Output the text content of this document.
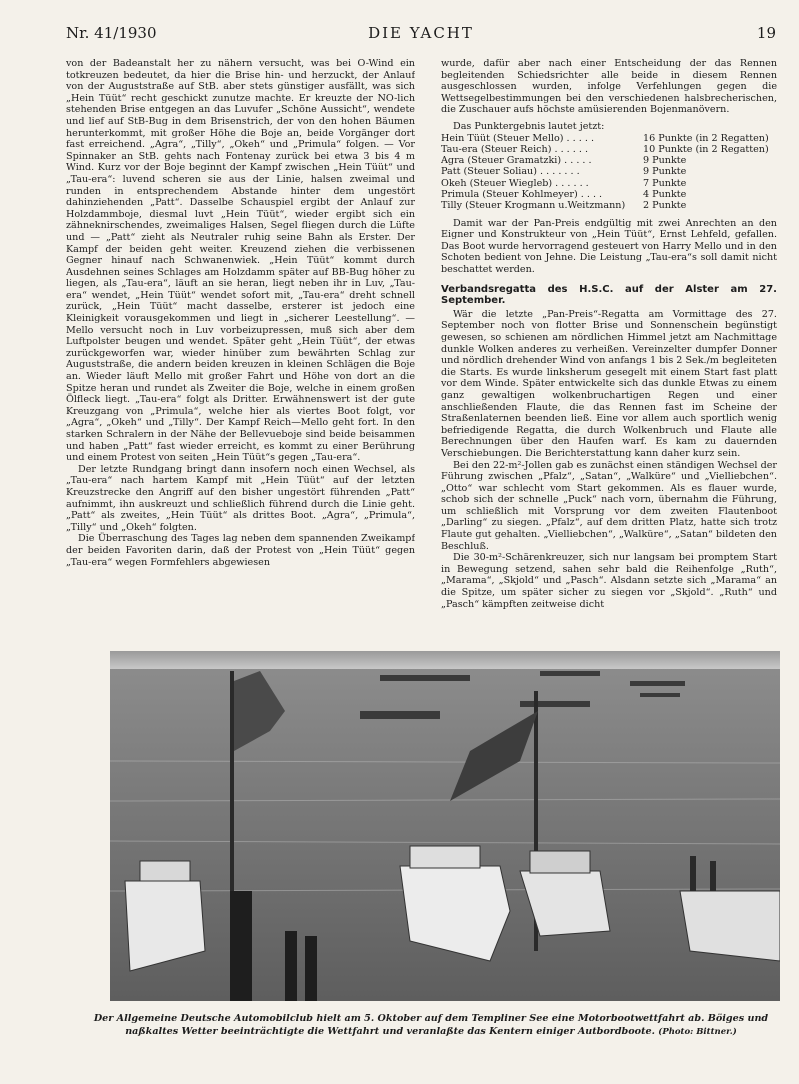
Nr. 41/1930	DIE YACHT	19

von der Badeanstalt her zu nähern versucht, was bei O-Wind ein totkreuzen bedeutet, da hier die Brise hin- und herzuckt, der Anlauf von der Auguststraße auf StB. aber stets günstiger ausfällt, was sich „Hein Tüüt“ recht geschickt zunutze machte. Er kreuzte der NO-lich stehenden Brise entgegen an das Luvufer „Schöne Aussicht“, wendete und lief auf StB-Bug in dem Brisenstrich, der von den hohen Bäumen herunterkommt, mit großer Höhe die Boje an, beide Vorgänger dort fast erreichend. „Agra“, „Tilly“, „Okeh“ und „Primula“ folgen. — Vor Spinnaker an StB. gehts nach Fontenay zurück bei etwa 3 bis 4 m Wind. Kurz vor der Boje beginnt der Kampf zwischen „Hein Tüüt“ und „Tau-era“: luvend scheren sie aus der Linie, halsen zweimal und runden in entsprechendem Abstande hinter dem ungestört dahinziehenden „Patt“. Dasselbe Schauspiel ergibt der Anlauf zur Holzdammboje, diesmal luvt „Hein Tüüt“, wieder ergibt sich ein zähneknirschendes, zweimaliges Halsen, Segel fliegen durch die Lüfte und — „Patt“ zieht als Neutraler ruhig seine Bahn als Erster. Der Kampf der beiden geht weiter. Kreuzend ziehen die verbissenen Gegner hinauf nach Schwanenwiek. „Hein Tüüt“ kommt durch Ausdehnen seines Schlages am Holzdamm später auf BB-Bug höher zu liegen, als „Tau-era“, läuft an sie heran, liegt neben ihr in Luv, „Tau-era“ wendet, „Hein Tüüt“ wendet sofort mit, „Tau-era“ dreht schnell zurück, „Hein Tüüt“ macht dasselbe, ersterer ist jedoch eine Kleinigkeit vorausgekommen und liegt in „sicherer Leestellung“. — Mello versucht noch in Luv vorbeizupressen, muß sich aber dem Luftpolster beugen und wendet. Später geht „Hein Tüüt“, der etwas zurückgeworfen war, wieder hinüber zum bewährten Schlag zur Auguststraße, die andern beiden kreuzen in kleinen Schlägen die Boje an. Wieder läuft Mello mit großer Fahrt und Höhe von dort an die Spitze heran und rundet als Zweiter die Boje, welche in einem großen Ölfleck liegt. „Tau-era“ folgt als Dritter. Erwähnenswert ist der gute Kreuzgang von „Primula“, welche hier als viertes Boot folgt, vor „Agra“, „Okeh“ und „Tilly“. Der Kampf Reich—Mello geht fort. In den starken Schralern in der Nähe der Bellevueboje sind beide beisammen und haben „Patt“ fast wieder erreicht, es kommt zu einer Berührung und einem Protest von seiten „Hein Tüüt“s gegen „Tau-era“.

Der letzte Rundgang bringt dann insofern noch einen Wechsel, als „Tau-era“ nach hartem Kampf mit „Hein Tüüt“ auf der letzten Kreuzstrecke den Angriff auf den bisher ungestört führenden „Patt“ aufnimmt, ihn auskreuzt und schließlich führend durch die Linie geht. „Patt“ als zweites, „Hein Tüüt“ als drittes Boot. „Agra“, „Primula“, „Tilly“ und „Okeh“ folgten.

Die Überraschung des Tages lag neben dem spannenden Zweikampf der beiden Favoriten darin, daß der Protest von „Hein Tüüt“ gegen „Tau-era“ wegen Formfehlers abgewiesen

wurde, dafür aber nach einer Entscheidung der das Rennen begleitenden Schiedsrichter alle beide in diesem Rennen ausgeschlossen wurden, infolge Verfehlungen gegen die Wettsegelbestimmungen bei den verschiedenen halsbrecherischen, die Zuschauer aufs höchste amüsierenden Bojenmanövern.

Das Punktergebnis lautet jetzt:

Hein Tüüt (Steuer Mello) . . . . .	16 Punkte (in 2 Regatten)
Tau-era (Steuer Reich) . . . . . .	10 Punkte (in 2 Regatten)
Agra (Steuer Gramatzki) . . . . .	9 Punkte
Patt (Steuer Soliau) . . . . . . .	9 Punkte
Okeh (Steuer Wiegleb) . . . . . .	7 Punkte
Primula (Steuer Kohlmeyer) . . . .	4 Punkte
Tilly (Steuer Krogmann u.Weitzmann) 2 Punkte

Damit war der Pan-Preis endgültig mit zwei Anrechten an den Eigner und Konstrukteur von „Hein Tüüt“, Ernst Lehfeld, gefallen. Das Boot wurde hervorragend gesteuert von Harry Mello und in den Schoten bedient von Jehne. Die Leistung „Tau-era“s soll damit nicht beschattet werden.

Verbandsregatta des H.S.C. auf der Alster am 27. September.

Wär die letzte „Pan-Preis“-Regatta am Vormittage des 27. September noch von flotter Brise und Sonnenschein begünstigt gewesen, so schienen am nördlichen Himmel jetzt am Nachmittage dunkle Wolken anderes zu verheißen. Vereinzelter dumpfer Donner und nördlich drehender Wind von anfangs 1 bis 2 Sek./m begleiteten die Starts. Es wurde linksherum gesegelt mit einem Start fast platt vor dem Winde. Später entwickelte sich das dunkle Etwas zu einem ganz gewaltigen wolkenbruchartigen Regen und einer anschließenden Flaute, die das Rennen fast im Scheine der Straßenlaternen beenden ließ. Eine vor allem auch sportlich wenig befriedigende Regatta, die durch Wolkenbruch und Flaute alle Berechnungen über den Haufen warf. Es kam zu dauernden Verschiebungen. Die Berichterstattung kann daher kurz sein.

Bei den 22-m²-Jollen gab es zunächst einen ständigen Wechsel der Führung zwischen „Pfalz“, „Satan“, „Walküre“ und „Vielliebchen“. „Otto“ war schlecht vom Start gekommen. Als es flauer wurde, schob sich der schnelle „Puck“ nach vorn, übernahm die Führung, um schließlich mit Vorsprung vor dem zweiten Flautenboot „Darling“ zu siegen. „Pfalz“, auf dem dritten Platz, hatte sich trotz Flaute gut gehalten. „Vielliebchen“, „Walküre“, „Satan“ bildeten den Beschluß.

Die 30-m²-Schärenkreuzer, sich nur langsam bei promptem Start in Bewegung setzend, sahen sehr bald die Reihenfolge „Ruth“, „Marama“, „Skjold“ und „Pasch“. Alsdann setzte sich „Marama“ an die Spitze, um später sicher zu siegen vor „Skjold“. „Ruth“ und „Pasch“ kämpften zeitweise dicht

Der Allgemeine Deutsche Automobilclub hielt am 5. Oktober auf dem Templiner See eine Motorbootwettfahrt ab. Böiges und naßkaltes Wetter beeinträchtigte die Wettfahrt und veranlaßte das Kentern einiger Autbordboote. (Photo: Bittner.)
